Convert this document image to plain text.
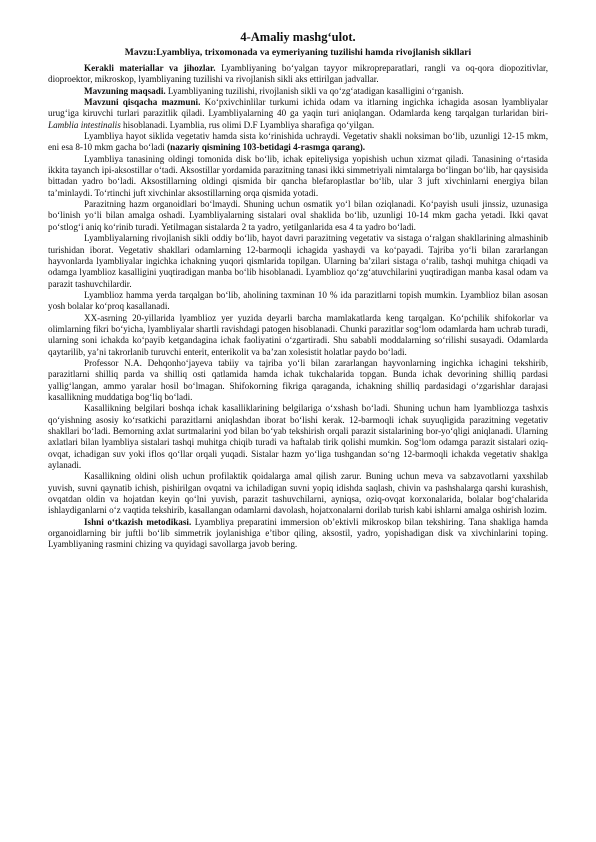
4-Amaliy mashg‘ulot.
Mavzu:Lyambliya, trixomonada va eymeriyaning tuzilishi hamda rivojlanish sikllari

Kerakli materiallar va jihozlar. Lyambliyaning bo‘yalgan tayyor mikropreparatlari, rangli va oq-qora diopozitivlar, dioproektor, mikroskop, lyambliyaning tuzilishi va rivojlanish sikli aks ettirilgan jadvallar.

Mavzuning maqsadi. Lyambliyaning tuzilishi, rivojlanish sikli va qo‘zg‘atadigan kasalligini o‘rganish.

Mavzuni qisqacha mazmuni. Ko‘pxivchinlilar turkumi ichida odam va itlarning ingichka ichagida asosan lyambliyalar urug‘iga kiruvchi turlari parazitlik qiladi. Lyambliyalarning 40 ga yaqin turi aniqlangan. Odamlarda keng tarqalgan turlaridan biri-Lamblia intestinalis hisoblanadi. Lyamblia, rus olimi D.F Lyambliya sharafiga qo‘yilgan.

Lyambliya hayot siklida vegetativ hamda sista ko‘rinishida uchraydi. Vegetativ shakli noksiman bo‘lib, uzunligi 12-15 mkm, eni esa 8-10 mkm gacha bo‘ladi (nazariy qismining 103-betidagi 4-rasmga qarang).

Lyambliya tanasining oldingi tomonida disk bo‘lib, ichak epiteliysiga yopishish uchun xizmat qiladi. Tanasining o‘rtasida ikkita tayanch ipi-aksostillar o‘tadi. Aksostillar yordamida parazitning tanasi ikki simmetriyali nimtalarga bo‘lingan bo‘lib, har qaysisida bittadan yadro bo‘ladi. Aksostillarning oldingi qismida bir qancha blefaroplastlar bo‘lib, ular 3 juft xivchinlarni energiya bilan ta’minlaydi. To‘rtinchi juft xivchinlar aksostillarning orqa qismida yotadi.

Parazitning hazm organoidlari bo‘lmaydi. Shuning uchun osmatik yo‘l bilan oziqlanadi. Ko‘payish usuli jinssiz, uzunasiga bo‘linish yo‘li bilan amalga oshadi. Lyambliyalarning sistalari oval shaklida bo‘lib, uzunligi 10-14 mkm gacha yetadi. Ikki qavat po‘stlog‘i aniq ko‘rinib turadi. Yetilmagan sistalarda 2 ta yadro, yetilganlarida esa 4 ta yadro bo‘ladi.

Lyambliyalarning rivojlanish sikli oddiy bo‘lib, hayot davri parazitning vegetativ va sistaga o‘ralgan shakllarining almashinib turishidan iborat. Vegetativ shakllari odamlarning 12-barmoqli ichagida yashaydi va ko‘payadi. Tajriba yo‘li bilan zararlangan hayvonlarda lyambliyalar ingichka ichakning yuqori qismlarida topilgan. Ularning ba’zilari sistaga o‘ralib, tashqi muhitga chiqadi va odamga lyamblioz kasalligini yuqtiradigan manba bo‘lib hisoblanadi. Lyamblioz qo‘zg‘atuvchilarini yuqtiradigan manba kasal odam va parazit tashuvchilardir.

Lyamblioz hamma yerda tarqalgan bo‘lib, aholining taxminan 10 % ida parazitlarni topish mumkin. Lyamblioz bilan asosan yosh bolalar ko‘proq kasallanadi.

XX-asrning 20-yillarida lyamblioz yer yuzida deyarli barcha mamlakatlarda keng tarqalgan. Ko‘pchilik shifokorlar va olimlarning fikri bo‘yicha, lyambliyalar shartli ravishdagi patogen hisoblanadi. Chunki parazitlar sog‘lom odamlarda ham uchrab turadi, ularning soni ichakda ko‘payib ketgandagina ichak faoliyatini o‘zgartiradi. Shu sababli moddalarning so‘rilishi susayadi. Odamlarda qaytarilib, ya’ni takrorlanib turuvchi enterit, enterikolit va ba’zan xolesistit holatlar paydo bo‘ladi.

Professor N.A. Dehqonho‘jayeva tabiiy va tajriba yo‘li bilan zararlangan hayvonlarning ingichka ichagini tekshirib, parazitlarni shilliq parda va shilliq osti qatlamida hamda ichak tukchalarida topgan. Bunda ichak devorining shilliq pardasi yallig‘langan, ammo yaralar hosil bo‘lmagan. Shifokorning fikriga qaraganda, ichakning shilliq pardasidagi o‘zgarishlar darajasi kasallikning muddatiga bog‘liq bo‘ladi.

Kasallikning belgilari boshqa ichak kasalliklarining belgilariga o‘xshash bo‘ladi. Shuning uchun ham lyambliozga tashxis qo‘yishning asosiy ko‘rsatkichi parazitlarni aniqlashdan iborat bo‘lishi kerak. 12-barmoqli ichak suyuqligida parazitning vegetativ shakllari bo‘ladi. Bemorning axlat surtmalarini yod bilan bo‘yab tekshirish orqali parazit sistalarining bor-yo‘qligi aniqlanadi. Ularning axlatlari bilan lyambliya sistalari tashqi muhitga chiqib turadi va haftalab tirik qolishi mumkin. Sog‘lom odamga parazit sistalari oziq-ovqat, ichadigan suv yoki iflos qo‘llar orqali yuqadi. Sistalar hazm yo‘liga tushgandan so‘ng 12-barmoqli ichakda vegetativ shaklga aylanadi.

Kasallikning oldini olish uchun profilaktik qoidalarga amal qilish zarur. Buning uchun meva va sabzavotlarni yaxshilab yuvish, suvni qaynatib ichish, pishirilgan ovqatni va ichiladigan suvni yopiq idishda saqlash, chivin va pashshalarga qarshi kurashish, ovqatdan oldin va hojatdan keyin qo‘lni yuvish, parazit tashuvchilarni, ayniqsa, oziq-ovqat korxonalarida, bolalar bog‘chalarida ishlaydiganlarni o‘z vaqtida tekshirib, kasallangan odamlarni davolash, hojatxonalarni dorilab turish kabi ishlarni amalga oshirish lozim.

Ishni o‘tkazish metodikasi. Lyambliya preparatini immersion ob’ektivli mikroskop bilan tekshiring. Tana shakliga hamda organoidlarning bir juftli bo‘lib simmetrik joylanishiga e’tibor qiling, aksostil, yadro, yopishadigan disk va xivchinlarini toping. Lyambliyaning rasmini chizing va quyidagi savollarga javob bering.
